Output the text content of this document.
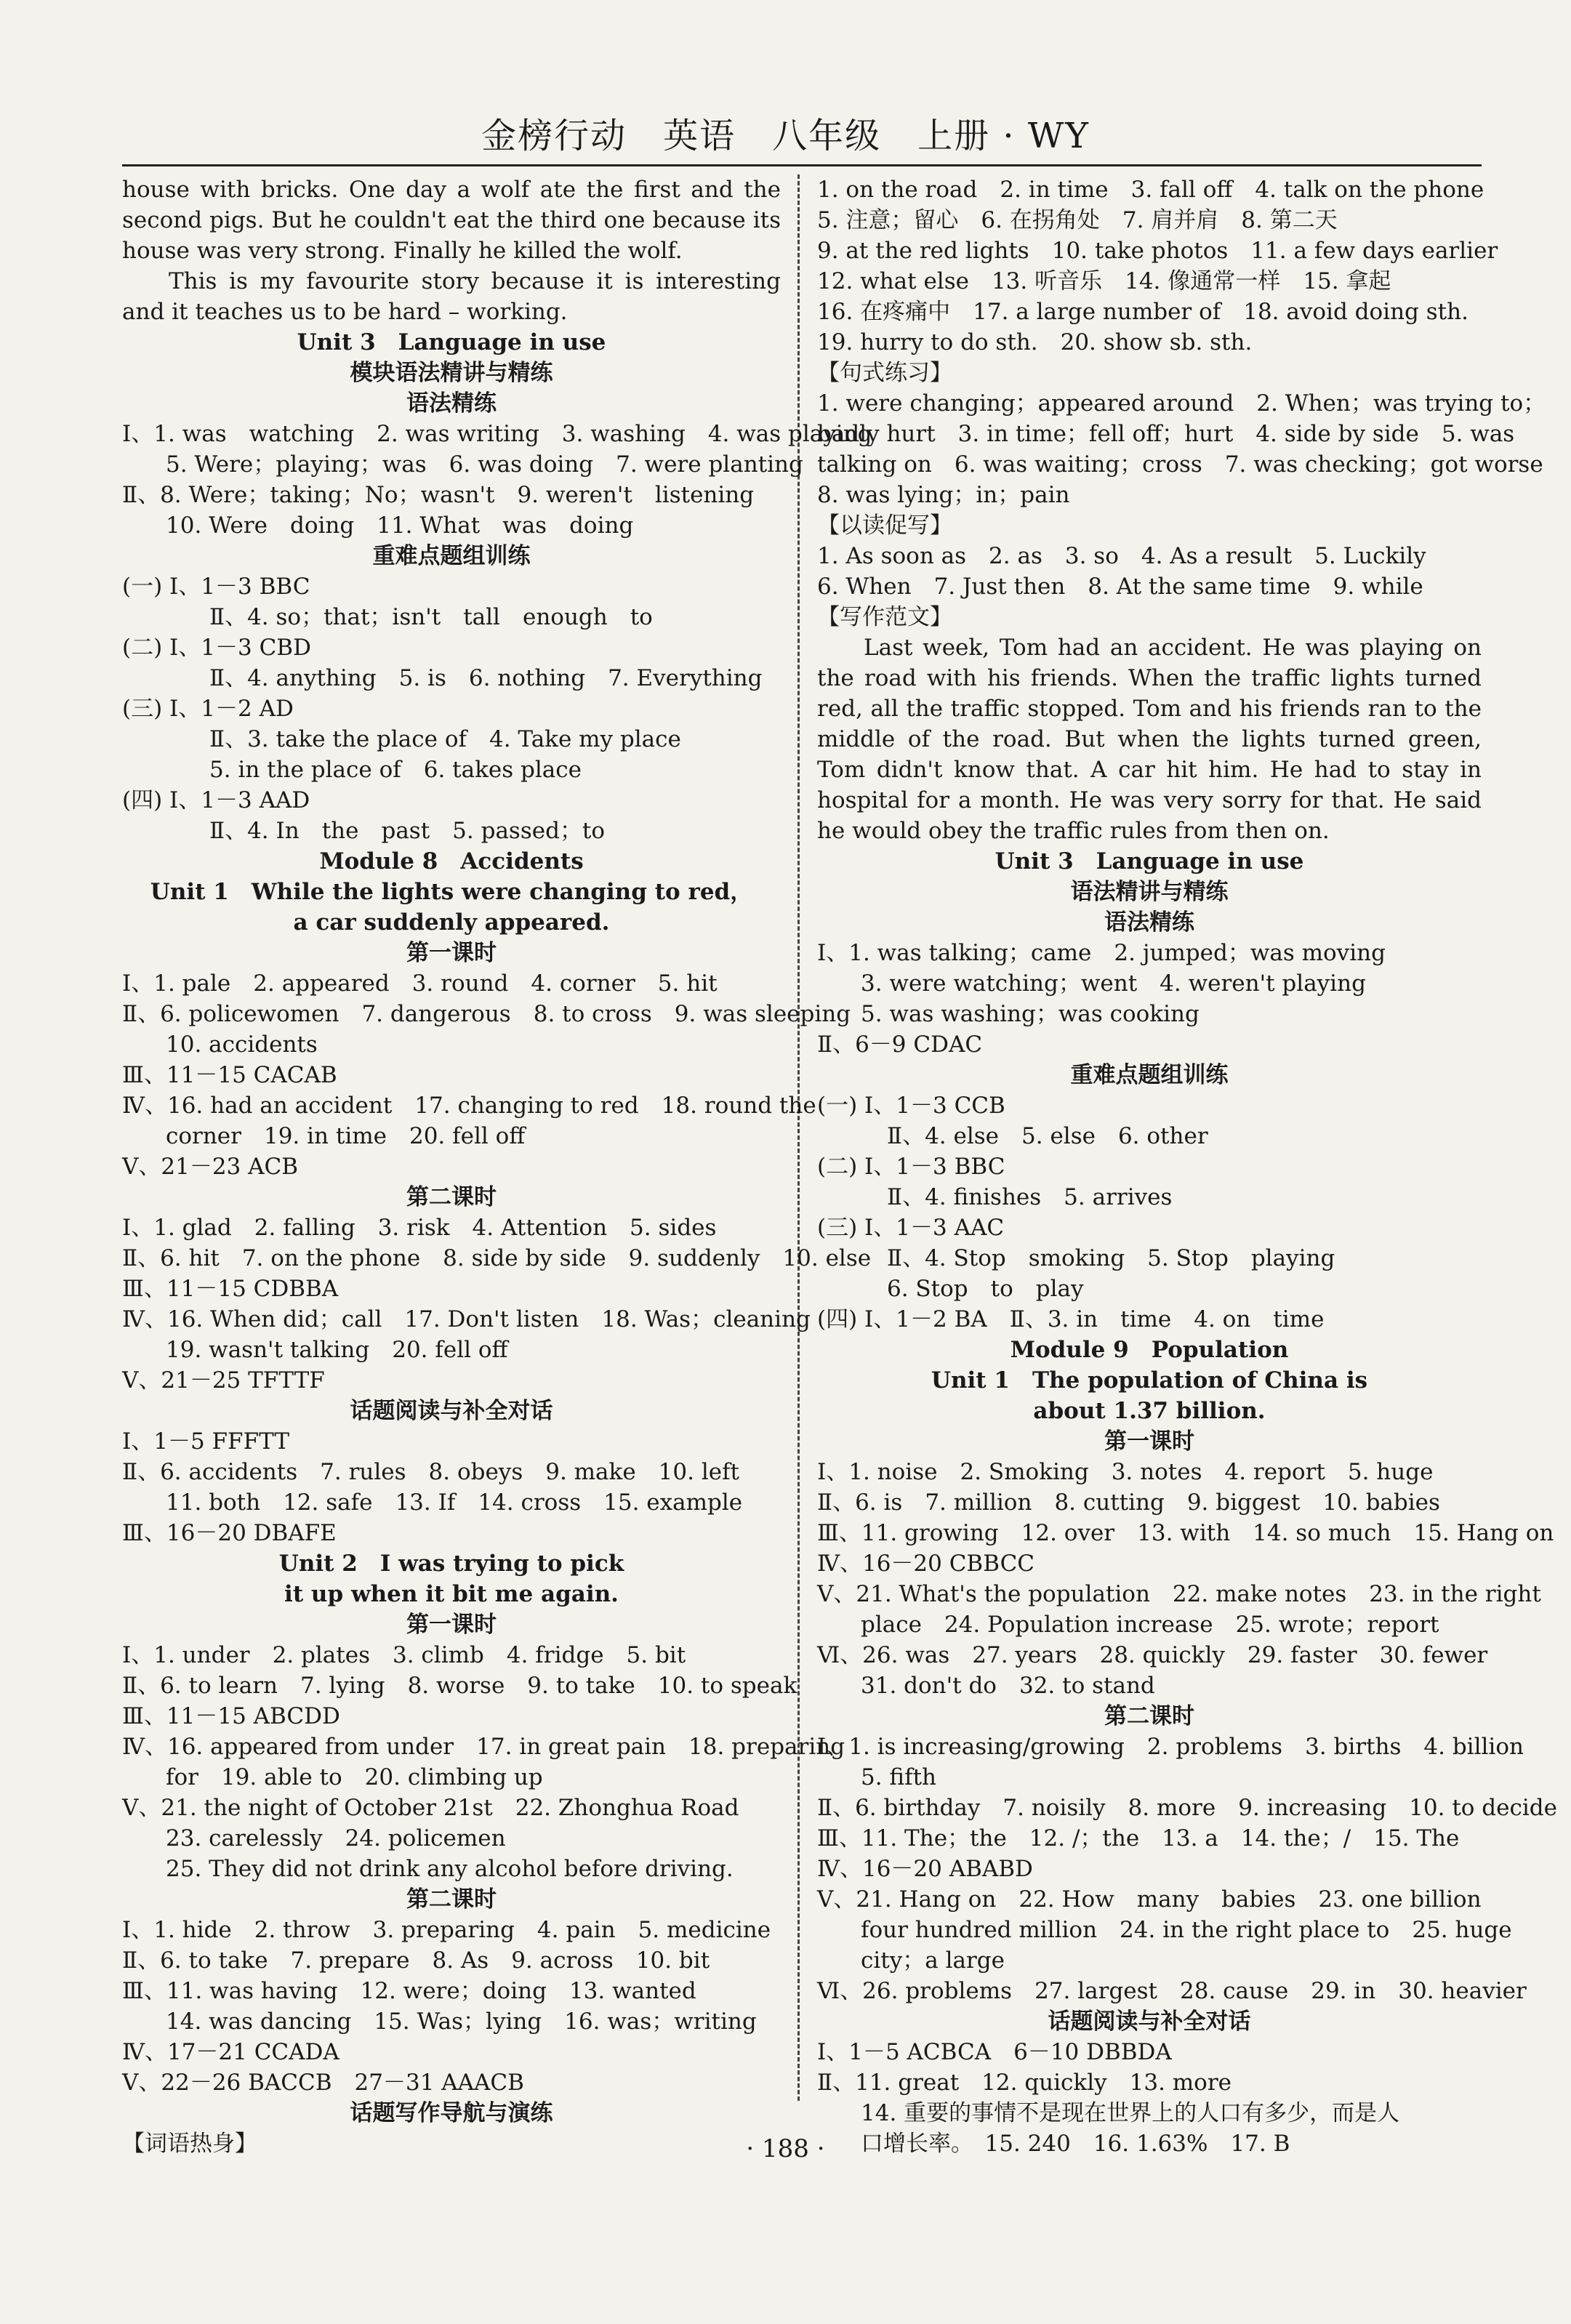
金榜行动　英语　八年级　上册 · WY
house with bricks. One day a wolf ate the first and the second pigs. But he couldn't eat the third one because its house was very strong. Finally he killed the wolf.
This is my favourite story because it is interesting and it teaches us to be hard – working.
Unit 3　Language in use
模块语法精讲与精练
语法精练
Ⅰ、1. was　watching　2. was writing　3. washing　4. was playing
5. Were；playing；was　6. was doing　7. were planting
Ⅱ、8. Were；taking；No；wasn't　9. weren't　listening
10. Were　doing　11. What　was　doing
重难点题组训练
(一) Ⅰ、1－3 BBC
Ⅱ、4. so；that；isn't　tall　enough　to
(二) Ⅰ、1－3 CBD
Ⅱ、4. anything　5. is　6. nothing　7. Everything
(三) Ⅰ、1－2 AD
Ⅱ、3. take the place of　4. Take my place
5. in the place of　6. takes place
(四) Ⅰ、1－3 AAD
Ⅱ、4. In　the　past　5. passed；to
Module 8　Accidents
Unit 1　While the lights were changing to red，
a car suddenly appeared.
第一课时
Ⅰ、1. pale　2. appeared　3. round　4. corner　5. hit
Ⅱ、6. policewomen　7. dangerous　8. to cross　9. was sleeping
10. accidents
Ⅲ、11－15 CACAB
Ⅳ、16. had an accident　17. changing to red　18. round the
corner　19. in time　20. fell off
Ⅴ、21－23 ACB
第二课时
Ⅰ、1. glad　2. falling　3. risk　4. Attention　5. sides
Ⅱ、6. hit　7. on the phone　8. side by side　9. suddenly　10. else
Ⅲ、11－15 CDBBA
Ⅳ、16. When did；call　17. Don't listen　18. Was；cleaning
19. wasn't talking　20. fell off
Ⅴ、21－25 TFTTF
话题阅读与补全对话
Ⅰ、1－5 FFFTT
Ⅱ、6. accidents　7. rules　8. obeys　9. make　10. left
11. both　12. safe　13. If　14. cross　15. example
Ⅲ、16－20 DBAFE
Unit 2　I was trying to pick
it up when it bit me again.
第一课时
Ⅰ、1. under　2. plates　3. climb　4. fridge　5. bit
Ⅱ、6. to learn　7. lying　8. worse　9. to take　10. to speak
Ⅲ、11－15 ABCDD
Ⅳ、16. appeared from under　17. in great pain　18. preparing
for　19. able to　20. climbing up
Ⅴ、21. the night of October 21st　22. Zhonghua Road
23. carelessly　24. policemen
25. They did not drink any alcohol before driving.
第二课时
Ⅰ、1. hide　2. throw　3. preparing　4. pain　5. medicine
Ⅱ、6. to take　7. prepare　8. As　9. across　10. bit
Ⅲ、11. was having　12. were；doing　13. wanted
14. was dancing　15. Was；lying　16. was；writing
Ⅳ、17－21 CCADA
Ⅴ、22－26 BACCB　27－31 AAACB
话题写作导航与演练
【词语热身】
1. on the road　2. in time　3. fall off　4. talk on the phone
5. 注意；留心　6. 在拐角处　7. 肩并肩　8. 第二天
9. at the red lights　10. take photos　11. a few days earlier
12. what else　13. 听音乐　14. 像通常一样　15. 拿起
16. 在疼痛中　17. a large number of　18. avoid doing sth.
19. hurry to do sth.　20. show sb. sth.
【句式练习】
1. were changing；appeared around　2. When；was trying to；
badly hurt　3. in time；fell off；hurt　4. side by side　5. was
talking on　6. was waiting；cross　7. was checking；got worse
8. was lying；in；pain
【以读促写】
1. As soon as　2. as　3. so　4. As a result　5. Luckily
6. When　7. Just then　8. At the same time　9. while
【写作范文】
Last week, Tom had an accident. He was playing on the road with his friends. When the traffic lights turned red, all the traffic stopped. Tom and his friends ran to the middle of the road. But when the lights turned green, Tom didn't know that. A car hit him. He had to stay in hospital for a month. He was very sorry for that. He said he would obey the traffic rules from then on.
Unit 3　Language in use
语法精讲与精练
语法精练
Ⅰ、1. was talking；came　2. jumped；was moving
3. were watching；went　4. weren't playing
5. was washing；was cooking
Ⅱ、6－9 CDAC
重难点题组训练
(一) Ⅰ、1－3 CCB
Ⅱ、4. else　5. else　6. other
(二) Ⅰ、1－3 BBC
Ⅱ、4. finishes　5. arrives
(三) Ⅰ、1－3 AAC
Ⅱ、4. Stop　smoking　5. Stop　playing
6. Stop　to　play
(四) Ⅰ、1－2 BA　Ⅱ、3. in　time　4. on　time
Module 9　Population
Unit 1　The population of China is
about 1.37 billion.
第一课时
Ⅰ、1. noise　2. Smoking　3. notes　4. report　5. huge
Ⅱ、6. is　7. million　8. cutting　9. biggest　10. babies
Ⅲ、11. growing　12. over　13. with　14. so much　15. Hang on
Ⅳ、16－20 CBBCC
Ⅴ、21. What's the population　22. make notes　23. in the right
place　24. Population increase　25. wrote；report
Ⅵ、26. was　27. years　28. quickly　29. faster　30. fewer
31. don't do　32. to stand
第二课时
Ⅰ、1. is increasing/growing　2. problems　3. births　4. billion
5. fifth
Ⅱ、6. birthday　7. noisily　8. more　9. increasing　10. to decide
Ⅲ、11. The；the　12. /；the　13. a　14. the；/　15. The
Ⅳ、16－20 ABABD
Ⅴ、21. Hang on　22. How　many　babies　23. one billion
four hundred million　24. in the right place to　25. huge
city；a large
Ⅵ、26. problems　27. largest　28. cause　29. in　30. heavier
话题阅读与补全对话
Ⅰ、1－5 ACBCA　6－10 DBBDA
Ⅱ、11. great　12. quickly　13. more
14. 重要的事情不是现在世界上的人口有多少，而是人
口增长率。　15. 240　16. 1.63%　17. B
· 188 ·
